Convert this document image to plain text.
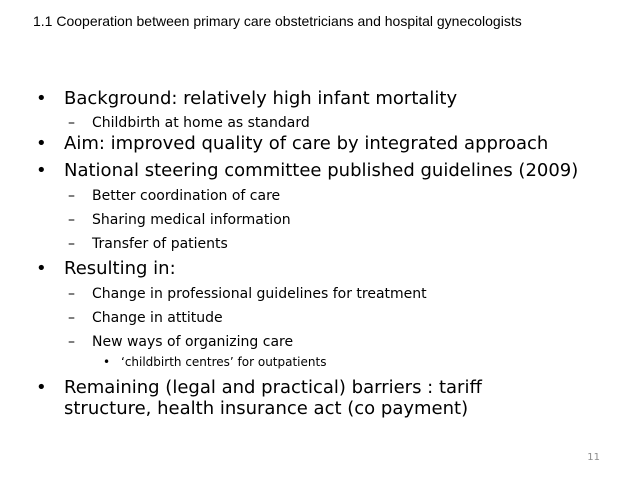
1.1 Cooperation between primary care obstetricians and hospital gynecologists
• Background: relatively high infant mortality
– Childbirth at home as standard
• Aim: improved quality of care by integrated approach
• National steering committee published guidelines (2009)
– Better coordination of care
– Sharing medical information
– Transfer of patients
• Resulting in:
– Change in professional guidelines for treatment
– Change in attitude
– New ways of organizing care
• ‘childbirth centres’ for outpatients
• Remaining (legal and practical) barriers : tariff
structure, health insurance act (co payment)
11
